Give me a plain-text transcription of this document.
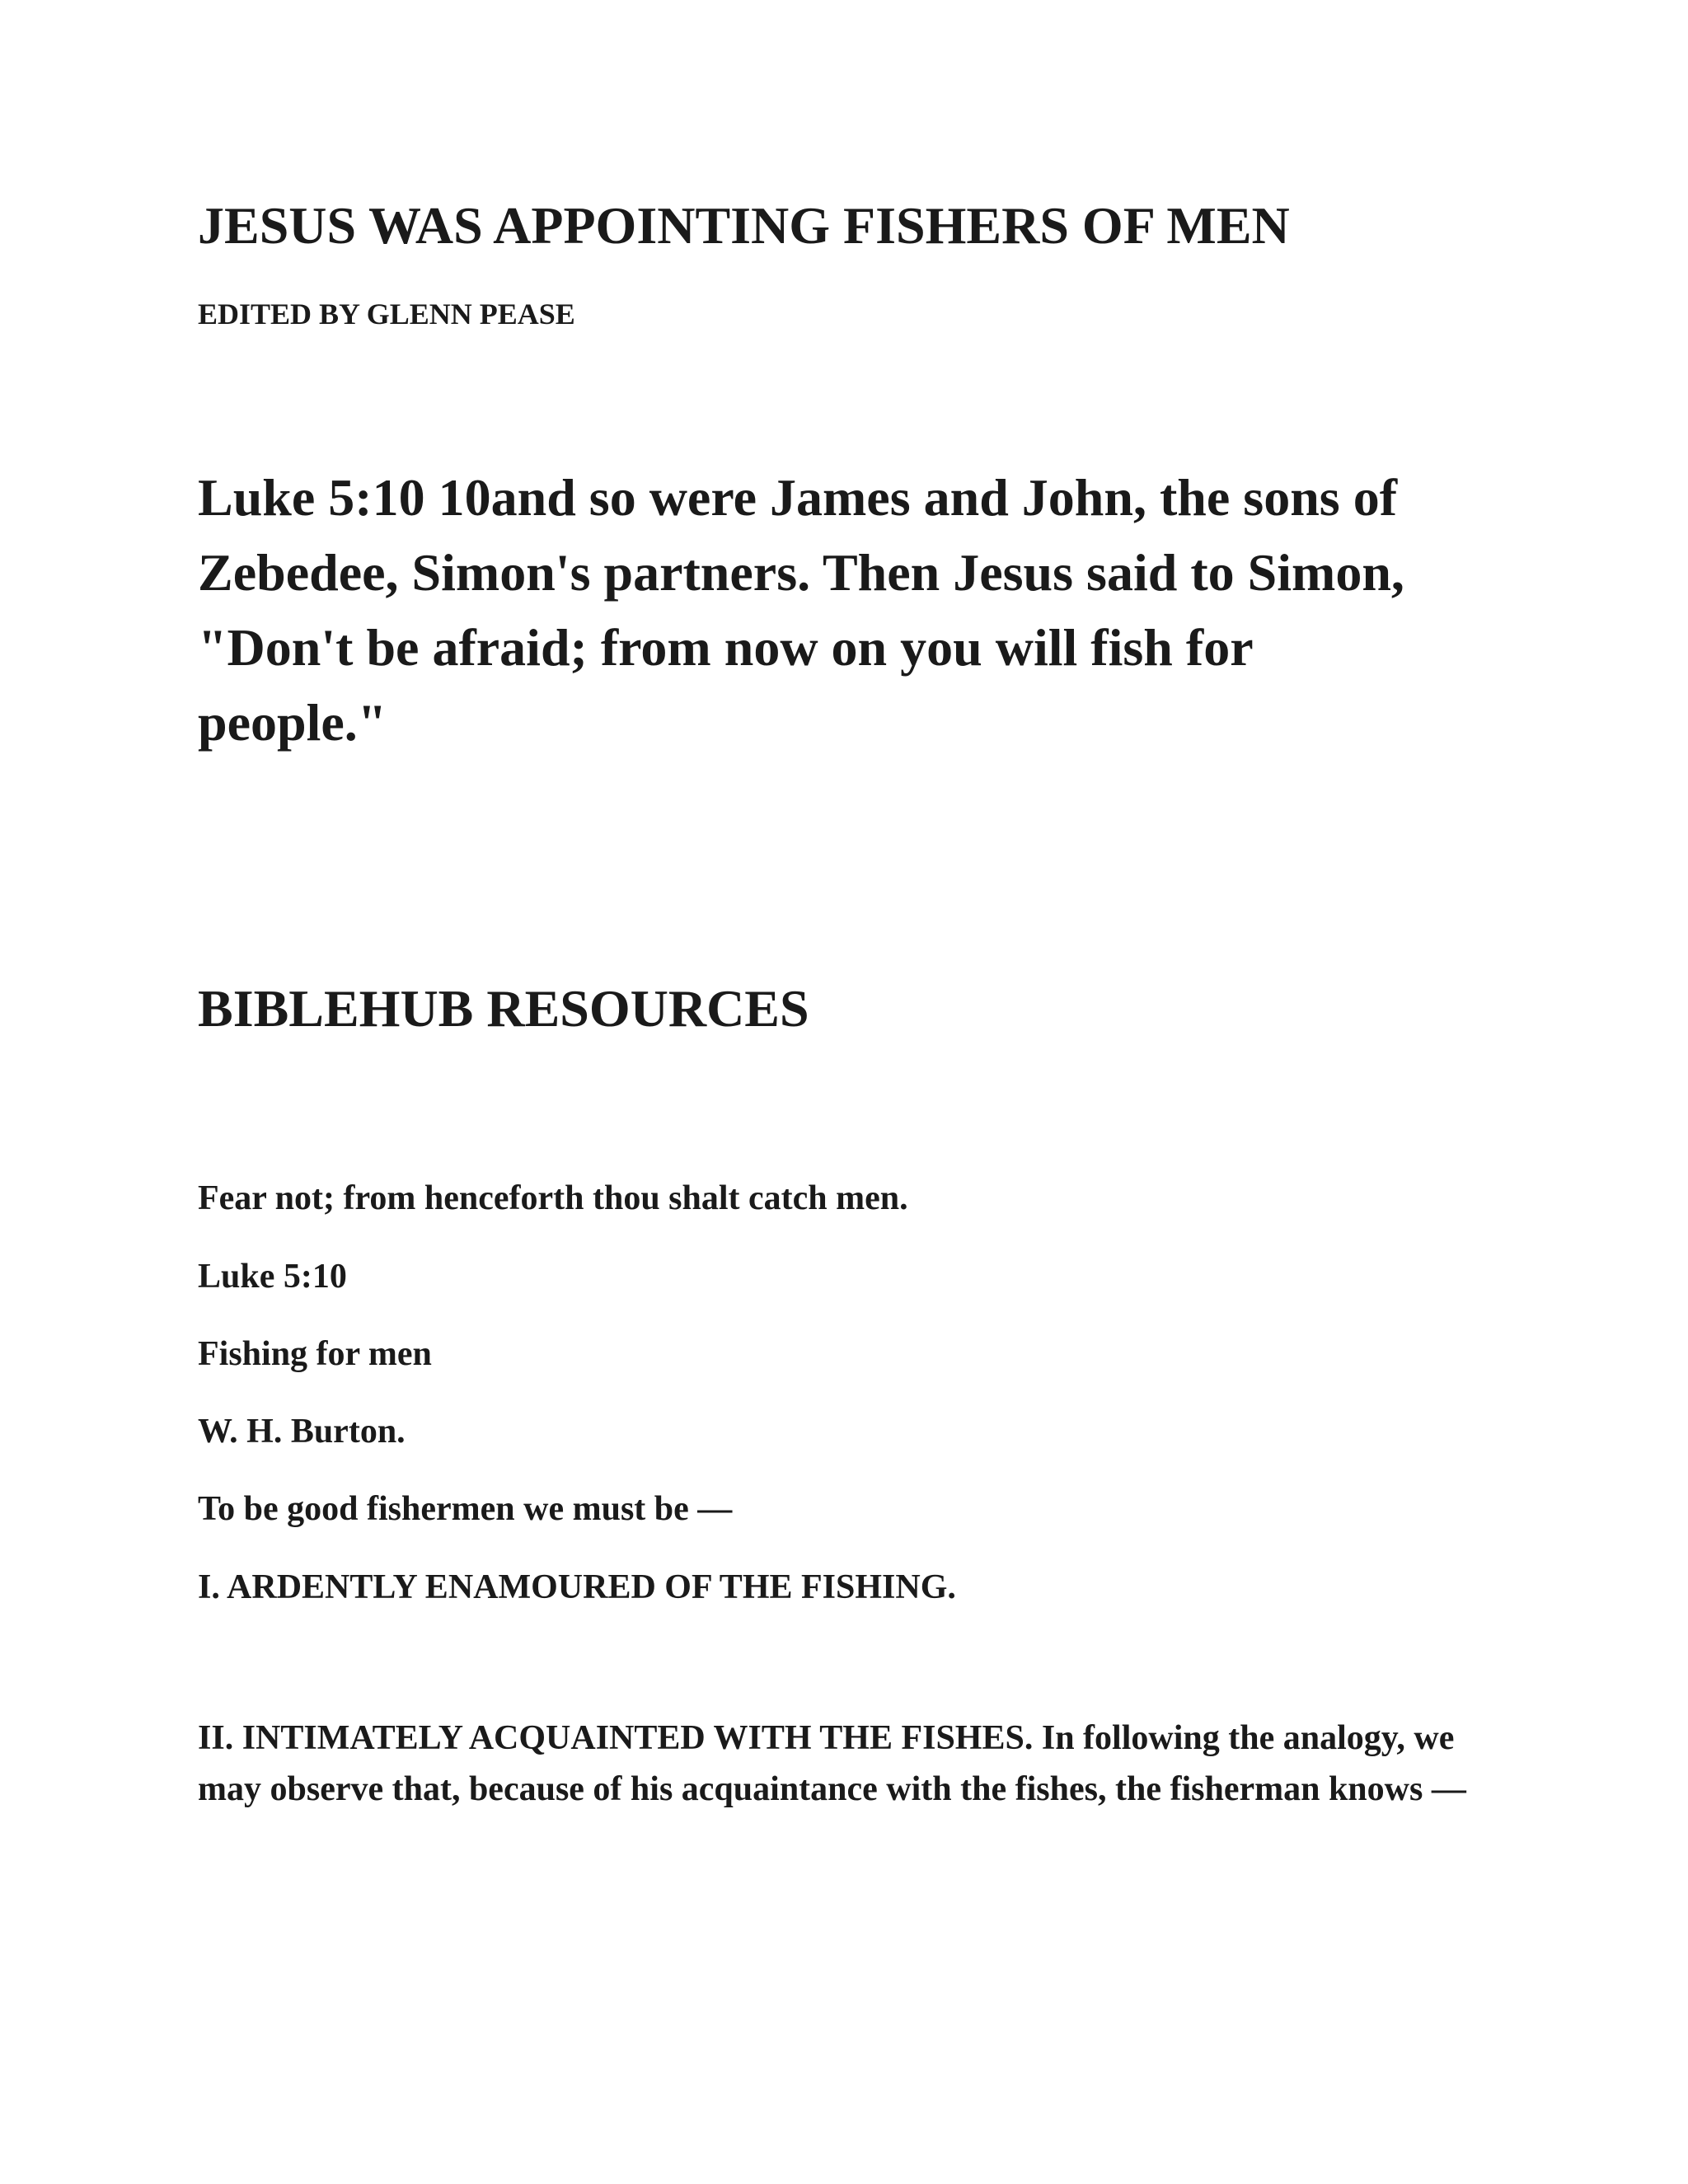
JESUS WAS APPOINTING FISHERS OF MEN
EDITED BY GLENN PEASE
Luke 5:10 10and so were James and John, the sons of
Zebedee, Simon's partners. Then Jesus said to Simon,
"Don't be afraid; from now on you will fish for
people."
BIBLEHUB RESOURCES

Fear not; from henceforth thou shalt catch men.

Luke 5:10

Fishing for men

W. H. Burton.

To be good fishermen we must be —

I. ARDENTLY ENAMOURED OF THE FISHING.

II. INTIMATELY ACQUAINTED WITH THE FISHES. In following the analogy, we may observe that, because of his acquaintance with the fishes, the fisherman knows —
